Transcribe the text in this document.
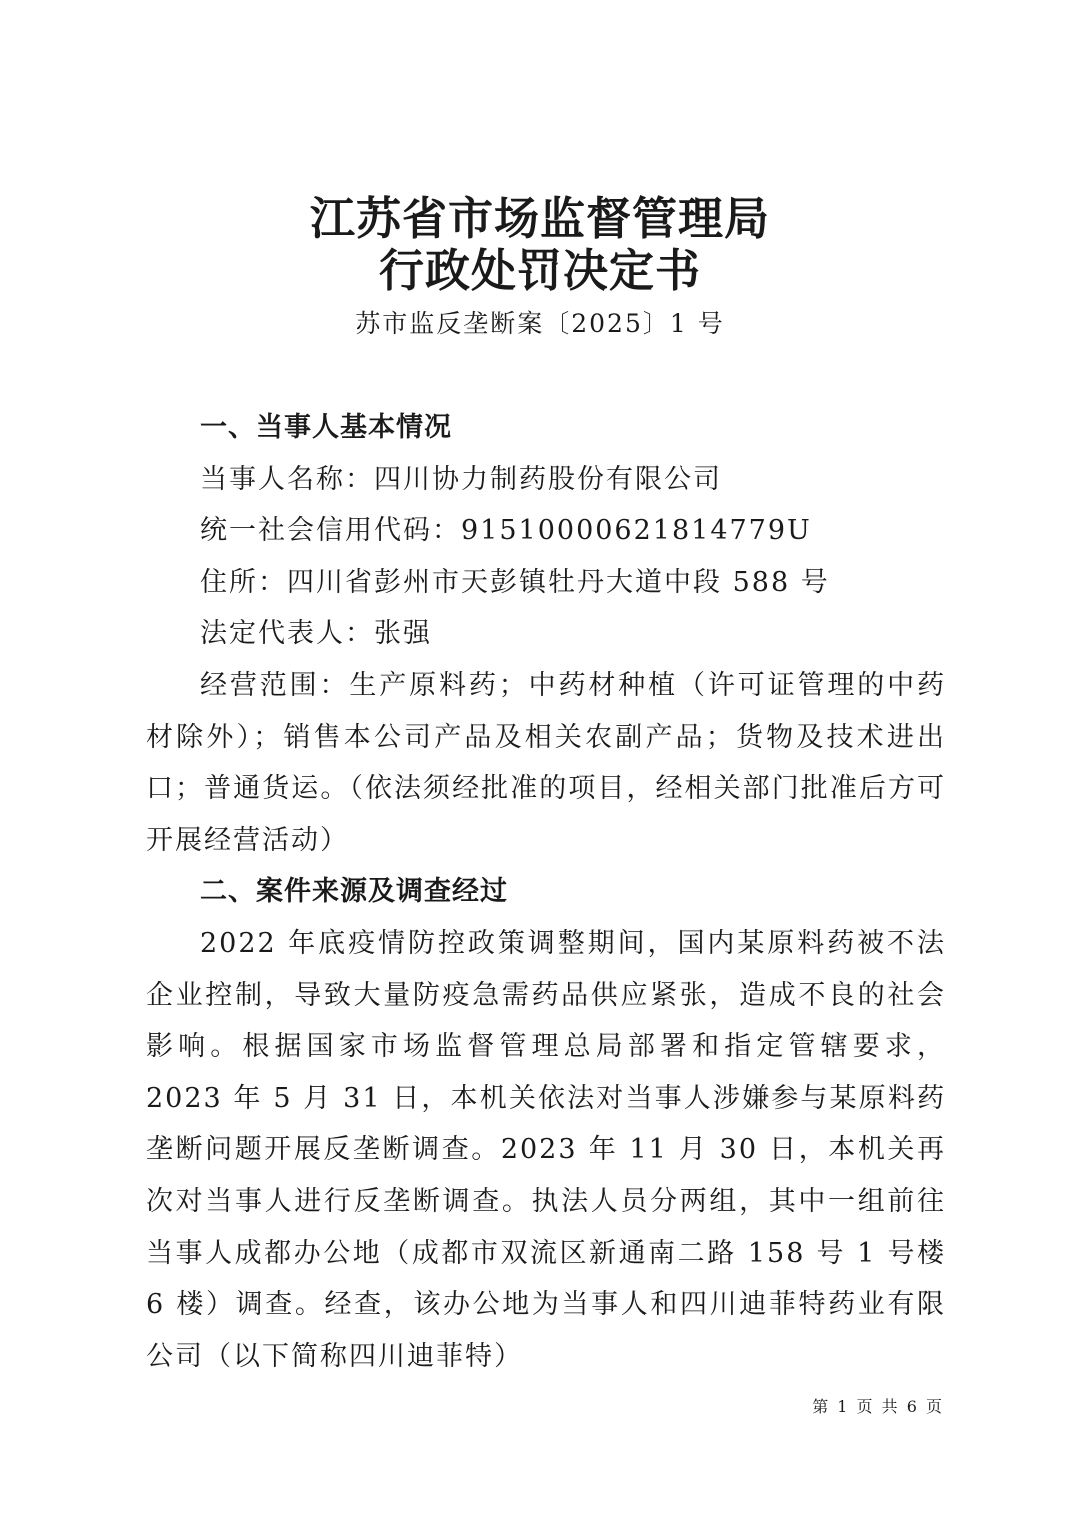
江苏省市场监督管理局
行政处罚决定书
苏市监反垄断案〔2025〕1 号

一、当事人基本情况

当事人名称：四川协力制药股份有限公司

统一社会信用代码：91510000621814779U

住所：四川省彭州市天彭镇牡丹大道中段 588 号

法定代表人：张强

经营范围：生产原料药；中药材种植（许可证管理的中药材除外）；销售本公司产品及相关农副产品；货物及技术进出口；普通货运。（依法须经批准的项目，经相关部门批准后方可开展经营活动）

二、案件来源及调查经过

2022 年底疫情防控政策调整期间，国内某原料药被不法企业控制，导致大量防疫急需药品供应紧张，造成不良的社会影响。根据国家市场监督管理总局部署和指定管辖要求，2023 年 5 月 31 日，本机关依法对当事人涉嫌参与某原料药垄断问题开展反垄断调查。2023 年 11 月 30 日，本机关再次对当事人进行反垄断调查。执法人员分两组，其中一组前往当事人成都办公地（成都市双流区新通南二路 158 号 1 号楼 6 楼）调查。经查，该办公地为当事人和四川迪菲特药业有限公司（以下简称四川迪菲特）

第 1 页 共 6 页
